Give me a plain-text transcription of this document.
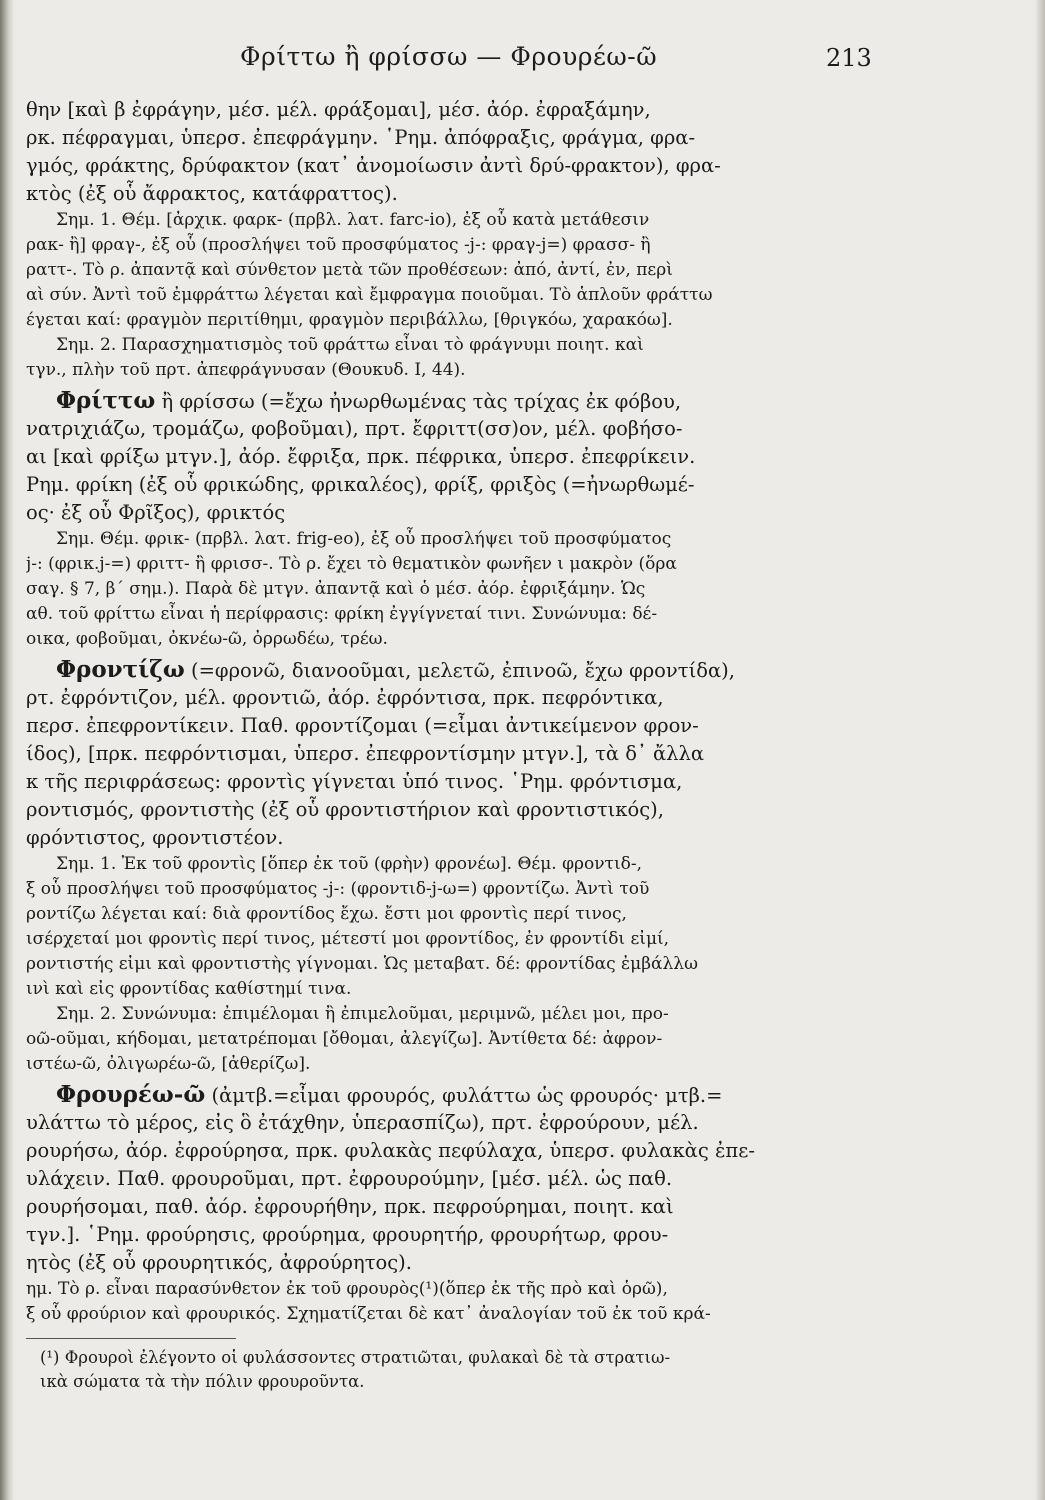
Φρίττω ἢ φρίσσω — Φρουρέω-ῶ	213
θην [καὶ β ἐφράγην, μέσ. μέλ. φράξομαι], μέσ. ἀόρ. ἐφραξάμην,
ρκ. πέφραγμαι, ὑπερσ. ἐπεφράγμην. ῾Ρημ. ἀπόφραξις, φράγμα, φρα-
γμός, φράκτης, δρύφακτον (κατ᾽ ἀνομοίωσιν ἀντὶ δρύ-φρακτον), φρα-
κτὸς (ἐξ οὗ ἄφρακτος, κατάφραττος).
Σημ. 1. Θέμ. [ἀρχικ. φαρκ- (πρβλ. λατ. farc-io), ἐξ οὗ κατὰ μετάθεσιν
ρακ- ἢ] φραγ-, ἐξ οὗ (προσλήψει τοῦ προσφύματος -j-: φραγ-j=) φρασσ- ἢ
ραττ-. Τὸ ρ. ἀπαντᾷ καὶ σύνθετον μετὰ τῶν προθέσεων: ἀπό, ἀντί, ἐν, περὶ
αὶ σύν. Ἀντὶ τοῦ ἐμφράττω λέγεται καὶ ἔμφραγμα ποιοῦμαι. Τὸ ἁπλοῦν φράττω
έγεται καί: φραγμὸν περιτίθημι, φραγμὸν περιβάλλω, [θριγκόω, χαρακόω].
Σημ. 2. Παρασχηματισμὸς τοῦ φράττω εἶναι τὸ φράγνυμι ποιητ. καὶ
τγν., πλὴν τοῦ πρτ. ἀπεφράγνυσαν (Θουκυδ. Ι, 44).
Φρίττω ἢ φρίσσω (=ἔχω ἠνωρθωμένας τὰς τρίχας ἐκ φόβου,
νατριχιάζω, τρομάζω, φοβοῦμαι), πρτ. ἔφριττ(σσ)ον, μέλ. φοβήσο-
αι [καὶ φρίξω μτγν.], ἀόρ. ἔφριξα, πρκ. πέφρικα, ὑπερσ. ἐπεφρίκειν.
Ρημ. φρίκη (ἐξ οὗ φρικώδης, φρικαλέος), φρίξ, φριξὸς (=ἠνωρθωμέ-
ος· ἐξ οὗ Φρῖξος), φρικτός
Σημ. Θέμ. φρικ- (πρβλ. λατ. frig-eo), ἐξ οὗ προσλήψει τοῦ προσφύματος
j-: (φρικ.j-=) φριττ- ἢ φρισσ-. Τὸ ρ. ἔχει τὸ θεματικὸν φωνῆεν ι μακρὸν (ὅρα
σαγ. § 7, β´ σημ.). Παρὰ δὲ μτγν. ἀπαντᾷ καὶ ὁ μέσ. ἀόρ. ἐφριξάμην. Ὡς
αθ. τοῦ φρίττω εἶναι ἡ περίφρασις: φρίκη ἐγγίγνεταί τινι. Συνώνυμα: δέ-
οικα, φοβοῦμαι, ὀκνέω-ῶ, ὀρρωδέω, τρέω.
Φροντίζω (=φρονῶ, διανοοῦμαι, μελετῶ, ἐπινοῶ, ἔχω φροντίδα),
ρτ. ἐφρόντιζον, μέλ. φροντιῶ, ἀόρ. ἐφρόντισα, πρκ. πεφρόντικα,
περσ. ἐπεφροντίκειν. Παθ. φροντίζομαι (=εἶμαι ἀντικείμενον φρον-
ίδος), [πρκ. πεφρόντισμαι, ὑπερσ. ἐπεφροντίσμην μτγν.], τὰ δ᾽ ἄλλα
κ τῆς περιφράσεως: φροντὶς γίγνεται ὑπό τινος. ῾Ρημ. φρόντισμα,
ροντισμός, φροντιστὴς (ἐξ οὗ φροντιστήριον καὶ φροντιστικός),
φρόντιστος, φροντιστέον.
Σημ. 1. Ἐκ τοῦ φροντὶς [ὅπερ ἐκ τοῦ (φρὴν) φρονέω]. Θέμ. φροντιδ-,
ξ οὗ προσλήψει τοῦ προσφύματος -j-: (φροντιδ-j-ω=) φροντίζω. Ἀντὶ τοῦ
ροντίζω λέγεται καί: διὰ φροντίδος ἔχω. ἔστι μοι φροντὶς περί τινος,
ισέρχεταί μοι φροντὶς περί τινος, μέτεστί μοι φροντίδος, ἐν φροντίδι εἰμί,
ροντιστής εἰμι καὶ φροντιστὴς γίγνομαι. Ὡς μεταβατ. δέ: φροντίδας ἐμβάλλω
ινὶ καὶ εἰς φροντίδας καθίστημί τινα.
Σημ. 2. Συνώνυμα: ἐπιμέλομαι ἢ ἐπιμελοῦμαι, μεριμνῶ, μέλει μοι, προ-
οῶ-οῦμαι, κήδομαι, μετατρέπομαι [ὄθομαι, ἀλεγίζω]. Ἀντίθετα δέ: ἀφρον-
ιστέω-ῶ, ὀλιγωρέω-ῶ, [ἀθερίζω].
Φρουρέω-ῶ (ἀμτβ.=εἶμαι φρουρός, φυλάττω ὡς φρουρός· μτβ.=
υλάττω τὸ μέρος, εἰς ὃ ἐτάχθην, ὑπερασπίζω), πρτ. ἐφρούρουν, μέλ.
ρουρήσω, ἀόρ. ἐφρούρησα, πρκ. φυλακὰς πεφύλαχα, ὑπερσ. φυλακὰς ἐπε-
υλάχειν. Παθ. φρουροῦμαι, πρτ. ἐφρουρούμην, [μέσ. μέλ. ὡς παθ.
ρουρήσομαι, παθ. ἀόρ. ἐφρουρήθην, πρκ. πεφρούρημαι, ποιητ. καὶ
τγν.]. ῾Ρημ. φρούρησις, φρούρημα, φρουρητήρ, φρουρήτωρ, φρου-
ητὸς (ἐξ οὗ φρουρητικός, ἀφρούρητος).
ημ. Τὸ ρ. εἶναι παρασύνθετον ἐκ τοῦ φρουρὸς(¹)(ὅπερ ἐκ τῆς πρὸ καὶ ὁρῶ),
ξ οὗ φρούριον καὶ φρουρικός. Σχηματίζεται δὲ κατ᾽ ἀναλογίαν τοῦ ἐκ τοῦ κρά-
(¹) Φρουροὶ ἐλέγοντο οἱ φυλάσσοντες στρατιῶται, φυλακαὶ δὲ τὰ στρατιω-
ικὰ σώματα τὰ τὴν πόλιν φρουροῦντα.
